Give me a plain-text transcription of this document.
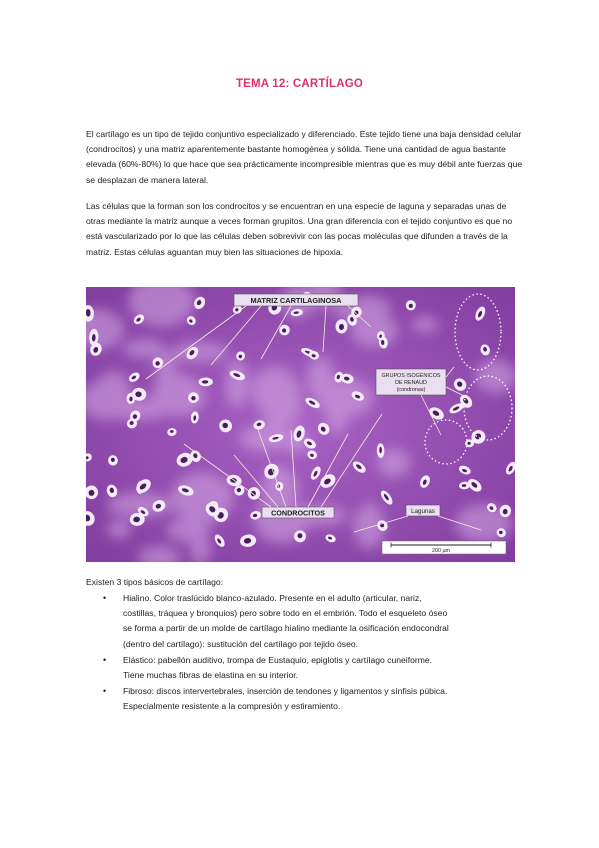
TEMA 12: CARTÍLAGO
El cartílago es un tipo de tejido conjuntivo especializado y diferenciado. Este tejido tiene una baja densidad celular (condrocitos) y una matriz aparentemente bastante homogénea y sólida. Tiene una cantidad de agua bastante elevada (60%-80%) lo que hace que sea prácticamente incompresible mientras que es muy débil ante fuerzas que se desplazan de manera lateral.
Las células que la forman son los condrocitos y se encuentran en una especie de laguna y separadas unas de otras mediante la matriz aunque a veces forman grupitos. Una gran diferencia con el tejido conjuntivo es que no está vascularizado por lo que las células deben sobrevivir con las pocas moléculas que difunden a través de la matriz. Estas células aguantan muy bien las situaciones de hipoxia.
MATRIZ CARTILAGINOSA
GRUPOS ISOGÉNICOS
DE RENAUD
(condronas)
CONDROCITOS	Lagunas
200 µm
Existen 3 tipos básicos de cartílago:
• Hialino. Color traslúcido blanco-azulado. Presente en el adulto (articular, nariz,
costillas, tráquea y bronquios) pero sobre todo en el embrión. Todo el esqueleto óseo
se forma a partir de un molde de cartílago hialino mediante la osificación endocondral
(dentro del cartílago): sustitución del cartílago por tejido óseo.
• Elástico: pabellón auditivo, trompa de Eustaquio, epiglotis y cartílago cuneiforme.
Tiene muchas fibras de elastina en su interior.
• Fibroso: discos intervertebrales, inserción de tendones y ligamentos y sínfisis púbica.
Especialmente resistente a la compresión y estiramiento.
